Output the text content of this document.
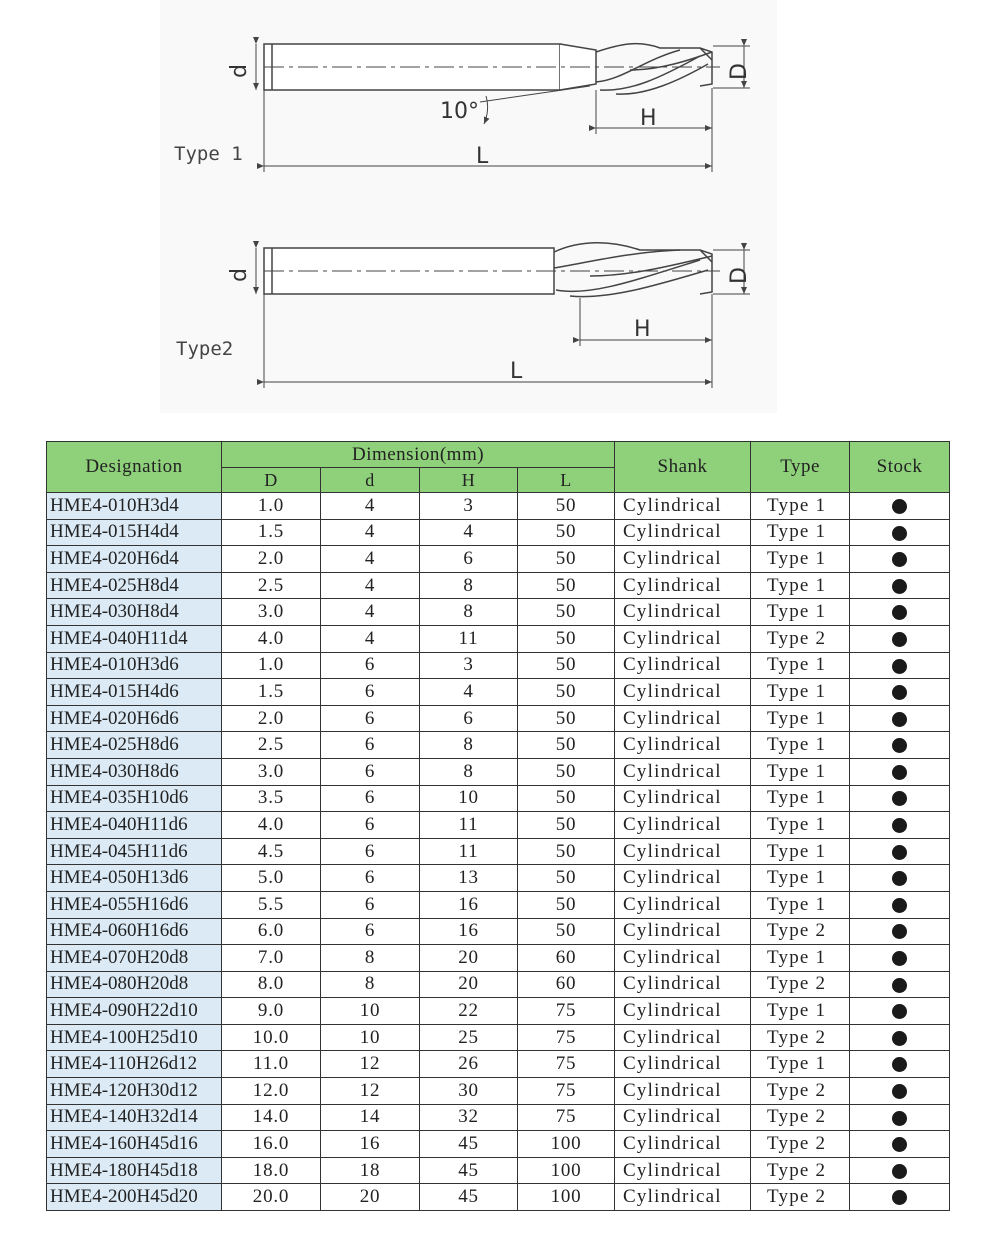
d	D
10°	H
L
Type 1
d	D
H
L
Type2
Designation	Dimension(mm)				Shank	Type	Stock
	D	d	H	L			
HME4-010H3d4	1.0	4	3	50	Cylindrical	Type 1	
HME4-015H4d4	1.5	4	4	50	Cylindrical	Type 1	
HME4-020H6d4	2.0	4	6	50	Cylindrical	Type 1	
HME4-025H8d4	2.5	4	8	50	Cylindrical	Type 1	
HME4-030H8d4	3.0	4	8	50	Cylindrical	Type 1	
HME4-040H11d4	4.0	4	11	50	Cylindrical	Type 2	
HME4-010H3d6	1.0	6	3	50	Cylindrical	Type 1	
HME4-015H4d6	1.5	6	4	50	Cylindrical	Type 1	
HME4-020H6d6	2.0	6	6	50	Cylindrical	Type 1	
HME4-025H8d6	2.5	6	8	50	Cylindrical	Type 1	
HME4-030H8d6	3.0	6	8	50	Cylindrical	Type 1	
HME4-035H10d6	3.5	6	10	50	Cylindrical	Type 1	
HME4-040H11d6	4.0	6	11	50	Cylindrical	Type 1	
HME4-045H11d6	4.5	6	11	50	Cylindrical	Type 1	
HME4-050H13d6	5.0	6	13	50	Cylindrical	Type 1	
HME4-055H16d6	5.5	6	16	50	Cylindrical	Type 1	
HME4-060H16d6	6.0	6	16	50	Cylindrical	Type 2	
HME4-070H20d8	7.0	8	20	60	Cylindrical	Type 1	
HME4-080H20d8	8.0	8	20	60	Cylindrical	Type 2	
HME4-090H22d10	9.0	10	22	75	Cylindrical	Type 1	
HME4-100H25d10	10.0	10	25	75	Cylindrical	Type 2	
HME4-110H26d12	11.0	12	26	75	Cylindrical	Type 1	
HME4-120H30d12	12.0	12	30	75	Cylindrical	Type 2	
HME4-140H32d14	14.0	14	32	75	Cylindrical	Type 2	
HME4-160H45d16	16.0	16	45	100	Cylindrical	Type 2	
HME4-180H45d18	18.0	18	45	100	Cylindrical	Type 2	
HME4-200H45d20	20.0	20	45	100	Cylindrical	Type 2	
